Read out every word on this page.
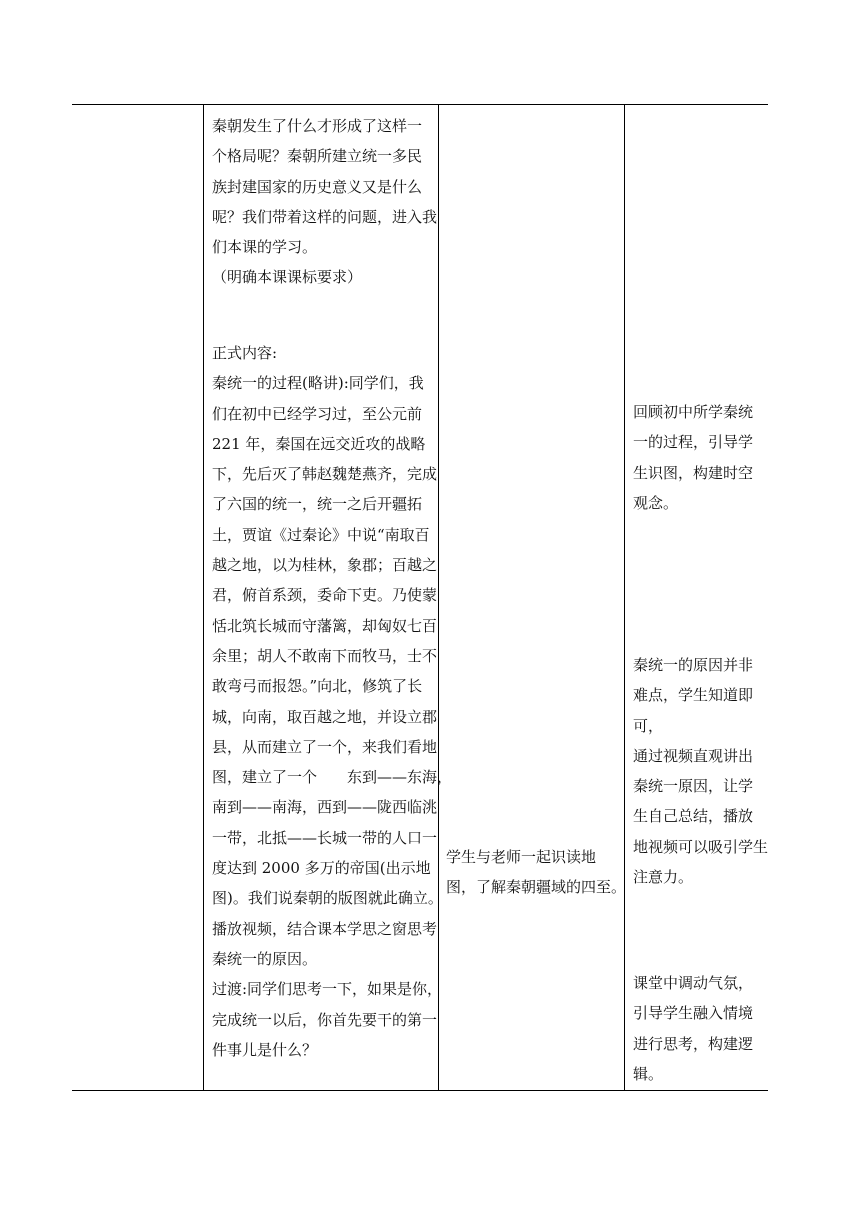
秦朝发生了什么才形成了这样一

个格局呢？秦朝所建立统一多民

族封建国家的历史意义又是什么

呢？我们带着这样的问题，进入我

们本课的学习。

（明确本课课标要求）

正式内容:

秦统一的过程(略讲):同学们，我

们在初中已经学习过，至公元前

221 年，秦国在远交近攻的战略

下，先后灭了韩赵魏楚燕齐，完成

了六国的统一，统一之后开疆拓

土，贾谊《过秦论》中说“南取百

越之地，以为桂林，象郡；百越之

君，俯首系颈，委命下吏。乃使蒙

恬北筑长城而守藩篱，却匈奴七百

余里；胡人不敢南下而牧马，士不

敢弯弓而报怨。”向北，修筑了长

城，向南，取百越之地，并设立郡

县，从而建立了一个，来我们看地

图，建立了一个　　东到——东海，

南到——南海，西到——陇西临洮

一带，北抵——长城一带的人口一

度达到 2000 多万的帝国(出示地

图)。我们说秦朝的版图就此确立。

播放视频，结合课本学思之窗思考

秦统一的原因。

过渡:同学们思考一下，如果是你，

完成统一以后，你首先要干的第一

件事儿是什么？

学生与老师一起识读地

图，了解秦朝疆域的四至。

回顾初中所学秦统

一的过程，引导学

生识图，构建时空

观念。

秦统一的原因并非

难点，学生知道即

可，

通过视频直观讲出

秦统一原因，让学

生自己总结，播放

地视频可以吸引学生

注意力。

课堂中调动气氛，

引导学生融入情境

进行思考，构建逻

辑。
